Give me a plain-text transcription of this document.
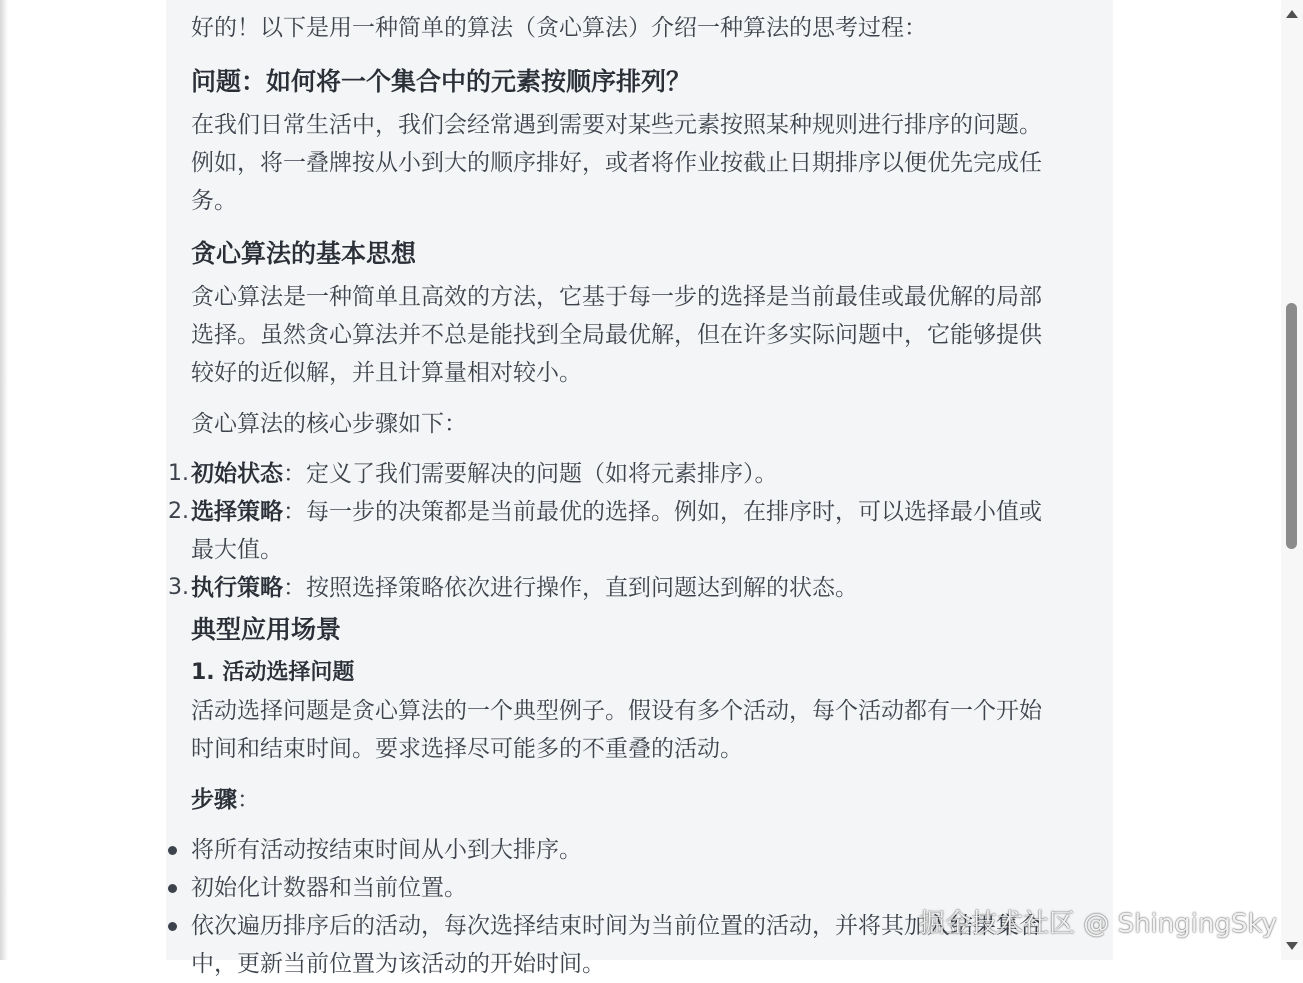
好的！以下是用一种简单的算法（贪心算法）介绍一种算法的思考过程：
问题：如何将一个集合中的元素按顺序排列？
在我们日常生活中，我们会经常遇到需要对某些元素按照某种规则进行排序的问题。
例如，将一叠牌按从小到大的顺序排好，或者将作业按截止日期排序以便优先完成任
务。
贪心算法的基本思想
贪心算法是一种简单且高效的方法，它基于每一步的选择是当前最佳或最优解的局部
选择。虽然贪心算法并不总是能找到全局最优解，但在许多实际问题中，它能够提供
较好的近似解，并且计算量相对较小。
贪心算法的核心步骤如下：
1. 初始状态：定义了我们需要解决的问题（如将元素排序）。
2. 选择策略：每一步的决策都是当前最优的选择。例如，在排序时，可以选择最小值或
最大值。
3. 执行策略：按照选择策略依次进行操作，直到问题达到解的状态。
典型应用场景
1. 活动选择问题
活动选择问题是贪心算法的一个典型例子。假设有多个活动，每个活动都有一个开始
时间和结束时间。要求选择尽可能多的不重叠的活动。
步骤：
将所有活动按结束时间从小到大排序。
初始化计数器和当前位置。
依次遍历排序后的活动，每次选择结束时间为当前位置的活动，并将其加入结果集合
中，更新当前位置为该活动的开始时间。
掘金技术社区 @ ShingingSky
